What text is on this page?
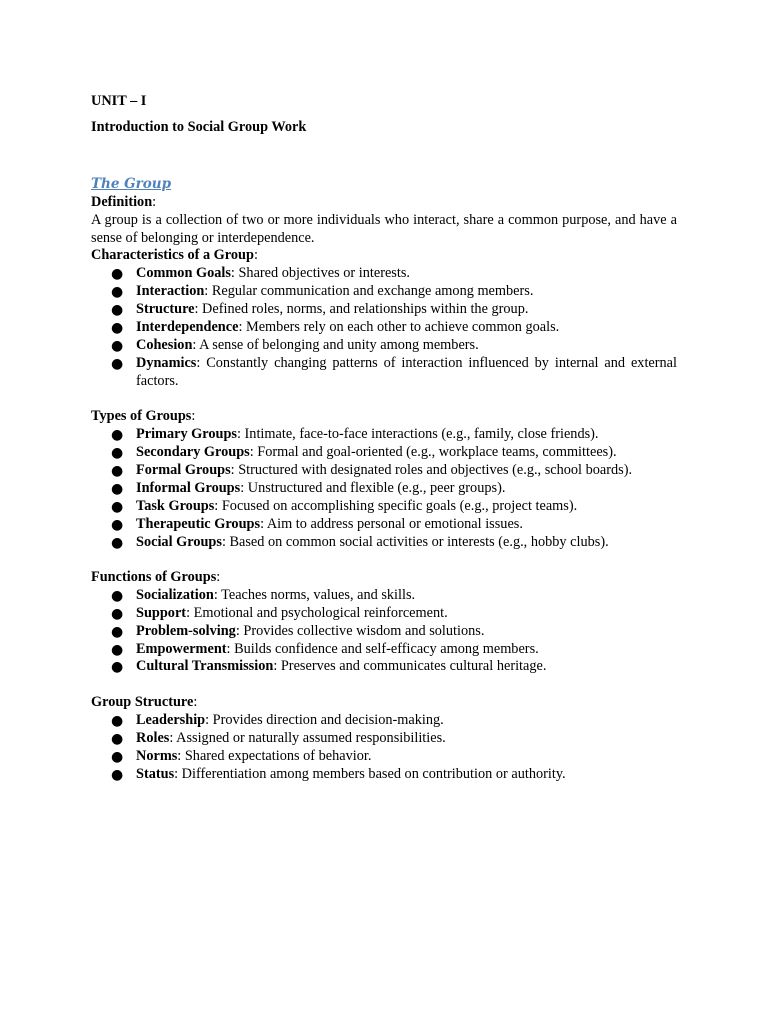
UNIT – I

Introduction to Social Group Work

The Group

Definition:

A group is a collection of two or more individuals who interact, share a common purpose, and have a sense of belonging or interdependence.

Characteristics of a Group:

● Common Goals: Shared objectives or interests.
● Interaction: Regular communication and exchange among members.
● Structure: Defined roles, norms, and relationships within the group.
● Interdependence: Members rely on each other to achieve common goals.
● Cohesion: A sense of belonging and unity among members.
● Dynamics: Constantly changing patterns of interaction influenced by internal and external factors.

Types of Groups:

● Primary Groups: Intimate, face-to-face interactions (e.g., family, close friends).
● Secondary Groups: Formal and goal-oriented (e.g., workplace teams, committees).
● Formal Groups: Structured with designated roles and objectives (e.g., school boards).
● Informal Groups: Unstructured and flexible (e.g., peer groups).
● Task Groups: Focused on accomplishing specific goals (e.g., project teams).
● Therapeutic Groups: Aim to address personal or emotional issues.
● Social Groups: Based on common social activities or interests (e.g., hobby clubs).

Functions of Groups:

● Socialization: Teaches norms, values, and skills.
● Support: Emotional and psychological reinforcement.
● Problem-solving: Provides collective wisdom and solutions.
● Empowerment: Builds confidence and self-efficacy among members.
● Cultural Transmission: Preserves and communicates cultural heritage.

Group Structure:

● Leadership: Provides direction and decision-making.
● Roles: Assigned or naturally assumed responsibilities.
● Norms: Shared expectations of behavior.
● Status: Differentiation among members based on contribution or authority.
